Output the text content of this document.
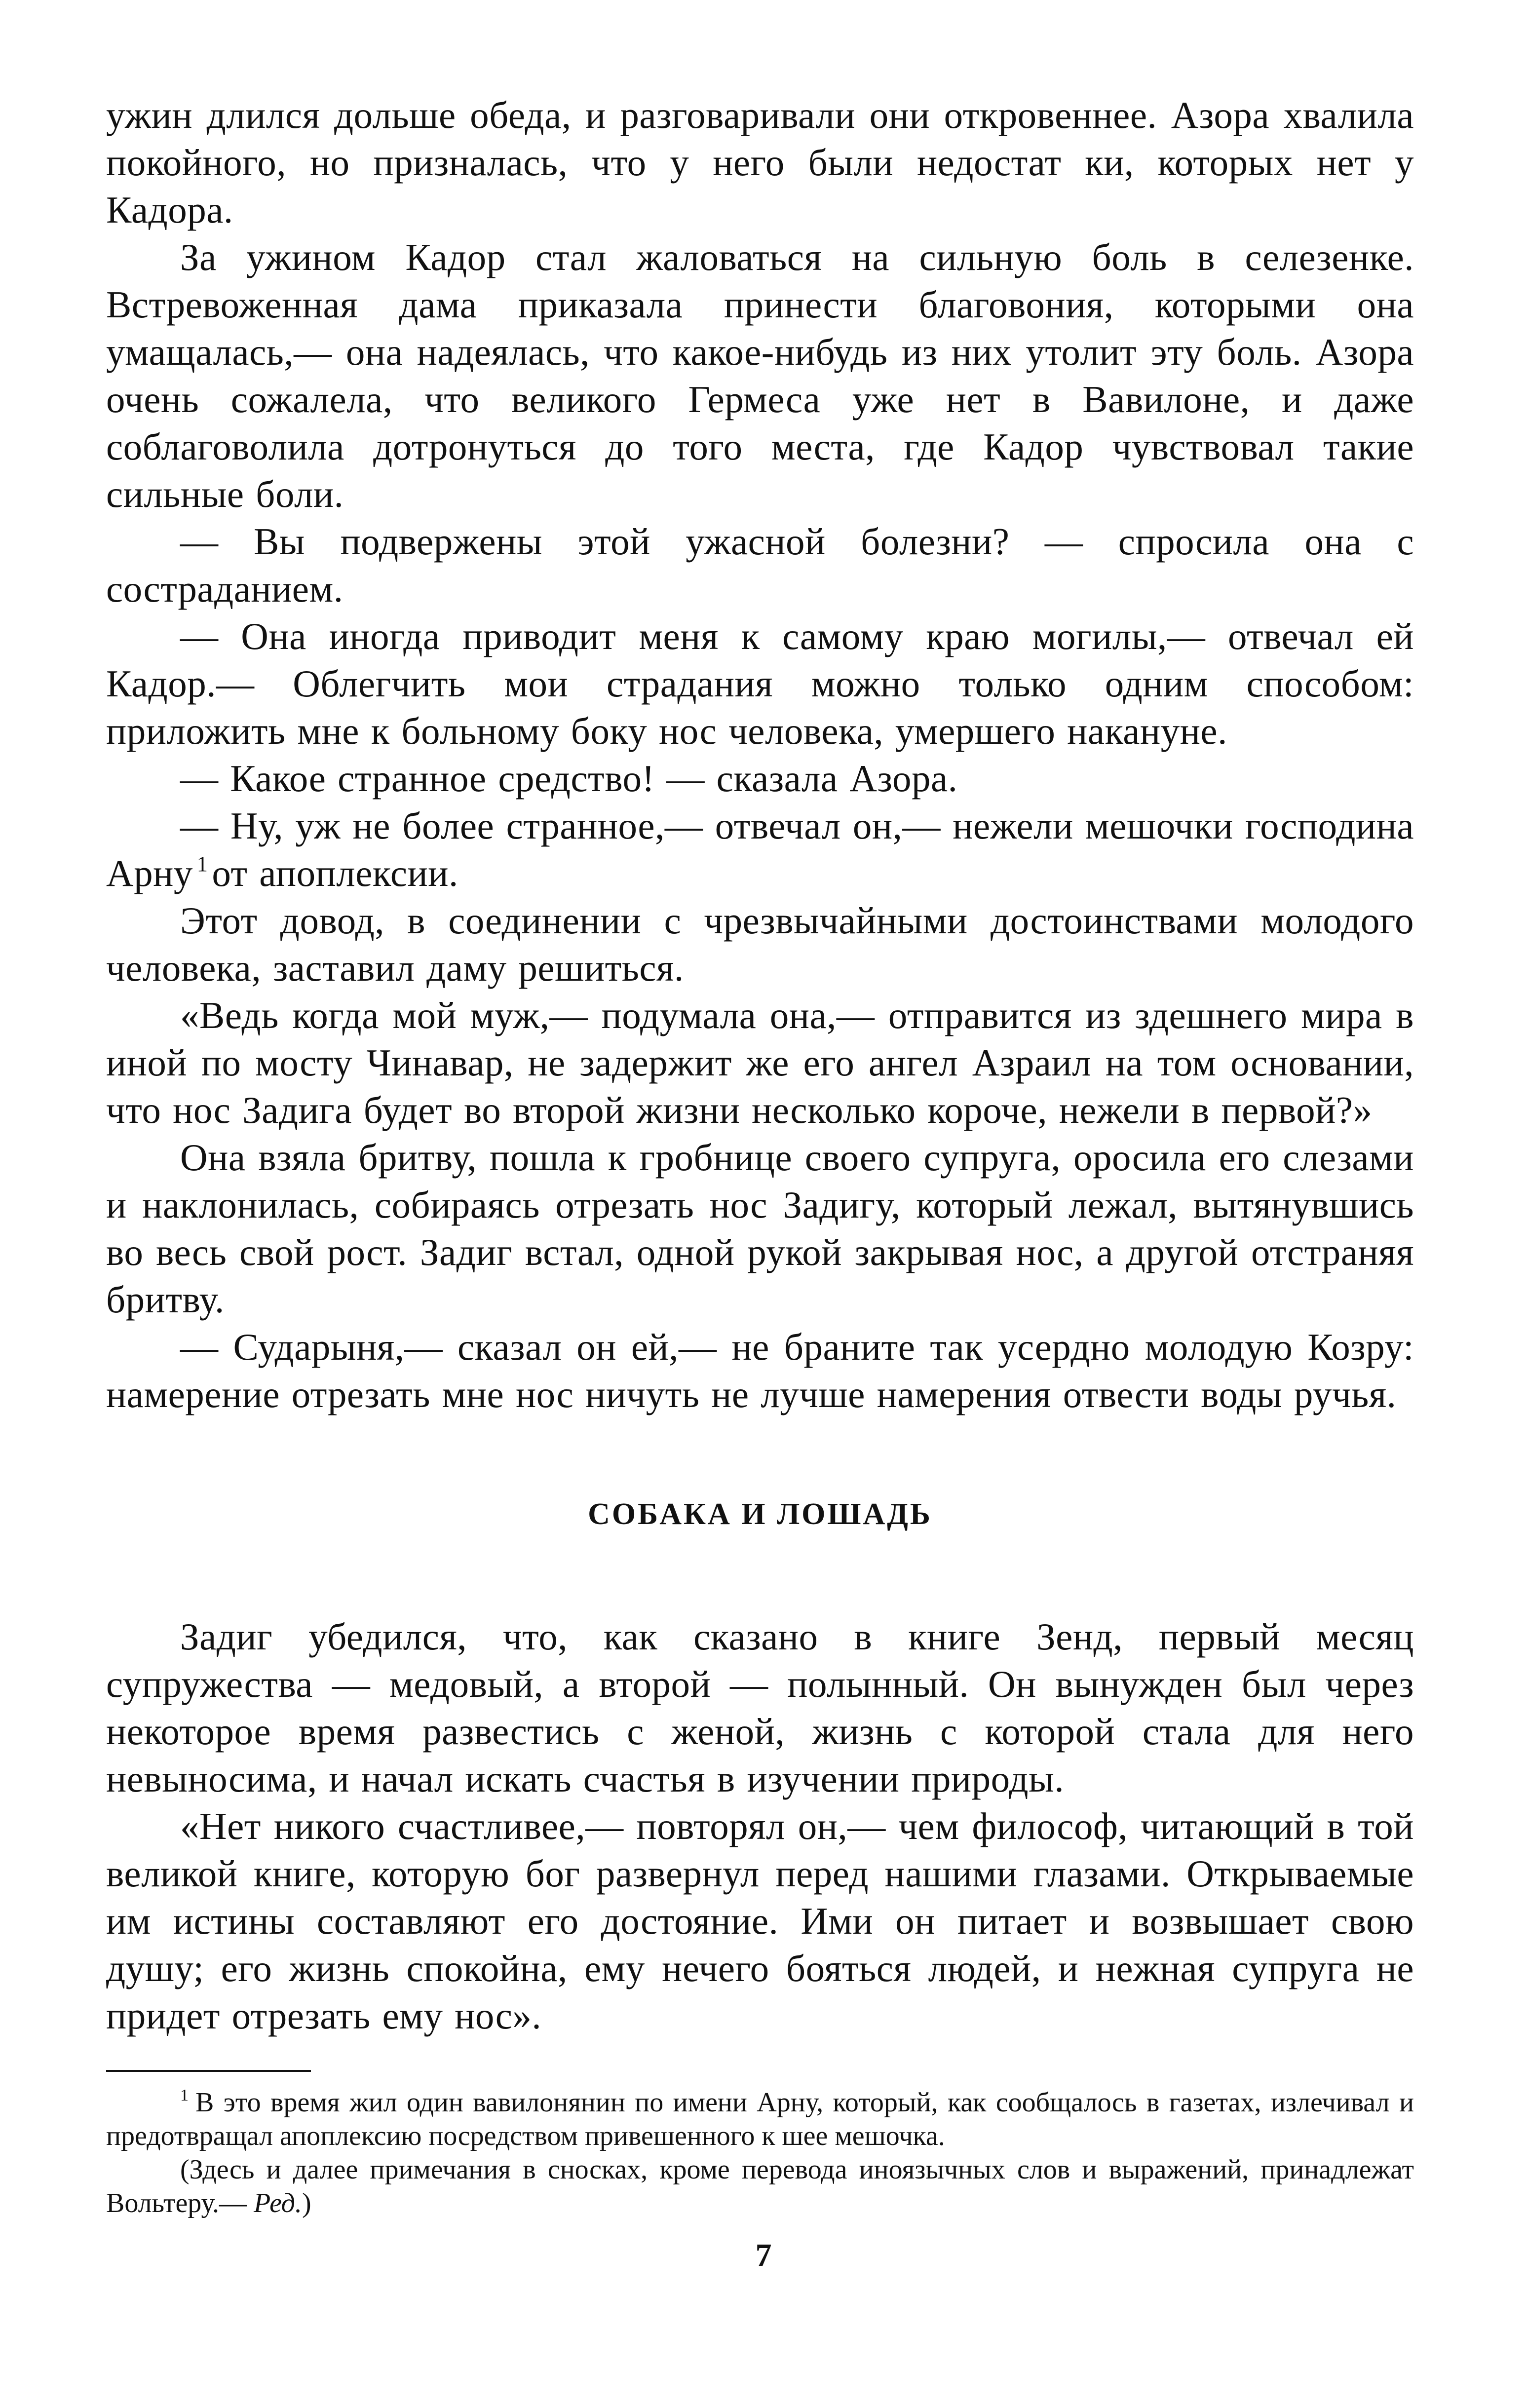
ужин длился дольше обеда, и разговаривали они откровеннее. Азора хвалила покойного, но призналась, что у него были недостат ки, которых нет у Кадора.

За ужином Кадор стал жаловаться на сильную боль в селезенке. Встревоженная дама приказала принести благовония, которыми она умащалась,— она надеялась, что какое-нибудь из них утолит эту боль. Азора очень сожалела, что великого Гермеса уже нет в Вавилоне, и даже соблаговолила дотронуться до того места, где Кадор чувствовал такие сильные боли.

— Вы подвержены этой ужасной болезни? — спросила она с состраданием.

— Она иногда приводит меня к самому краю могилы,— отвечал ей Кадор.— Облегчить мои страдания можно только одним способом: приложить мне к больному боку нос человека, умершего накануне.

— Какое странное средство! — сказала Азора.

— Ну, уж не более странное,— отвечал он,— нежели мешочки господина Арну $^1$ от апоплексии.

Этот довод, в соединении с чрезвычайными достоинствами молодого человека, заставил даму решиться.

«Ведь когда мой муж,— подумала она,— отправится из здешнего мира в иной по мосту Чинавар, не задержит же его ангел Азраил на том основании, что нос Задига будет во второй жизни несколько короче, нежели в первой?»

Она взяла бритву, пошла к гробнице своего супруга, оросила его слезами и наклонилась, собираясь отрезать нос Задигу, который лежал, вытянувшись во весь свой рост. Задиг встал, одной рукой закрывая нос, а другой отстраняя бритву.

— Сударыня,— сказал он ей,— не браните так усердно молодую Козру: намерение отрезать мне нос ничуть не лучше намерения отвести воды ручья.

СОБАКА И ЛОШАДЬ

Задиг убедился, что, как сказано в книге Зенд, первый месяц супружества — медовый, а второй — полынный. Он вынужден был через некоторое время развестись с женой, жизнь с которой стала для него невыносима, и начал искать счастья в изучении природы.

«Нет никого счастливее,— повторял он,— чем философ, читающий в той великой книге, которую бог развернул перед нашими глазами. Открываемые им истины составляют его достояние. Ими он питает и возвышает свою душу; его жизнь спокойна, ему нечего бояться людей, и нежная супруга не придет отрезать ему нос».

$^1$ В это время жил один вавилонянин по имени Арну, который, как сообщалось в газетах, излечивал и предотвращал апоплексию посредством привешенного к шее мешочка.

(Здесь и далее примечания в сносках, кроме перевода иноязычных слов и выражений, принадлежат Вольтеру.— Ред.)

7
